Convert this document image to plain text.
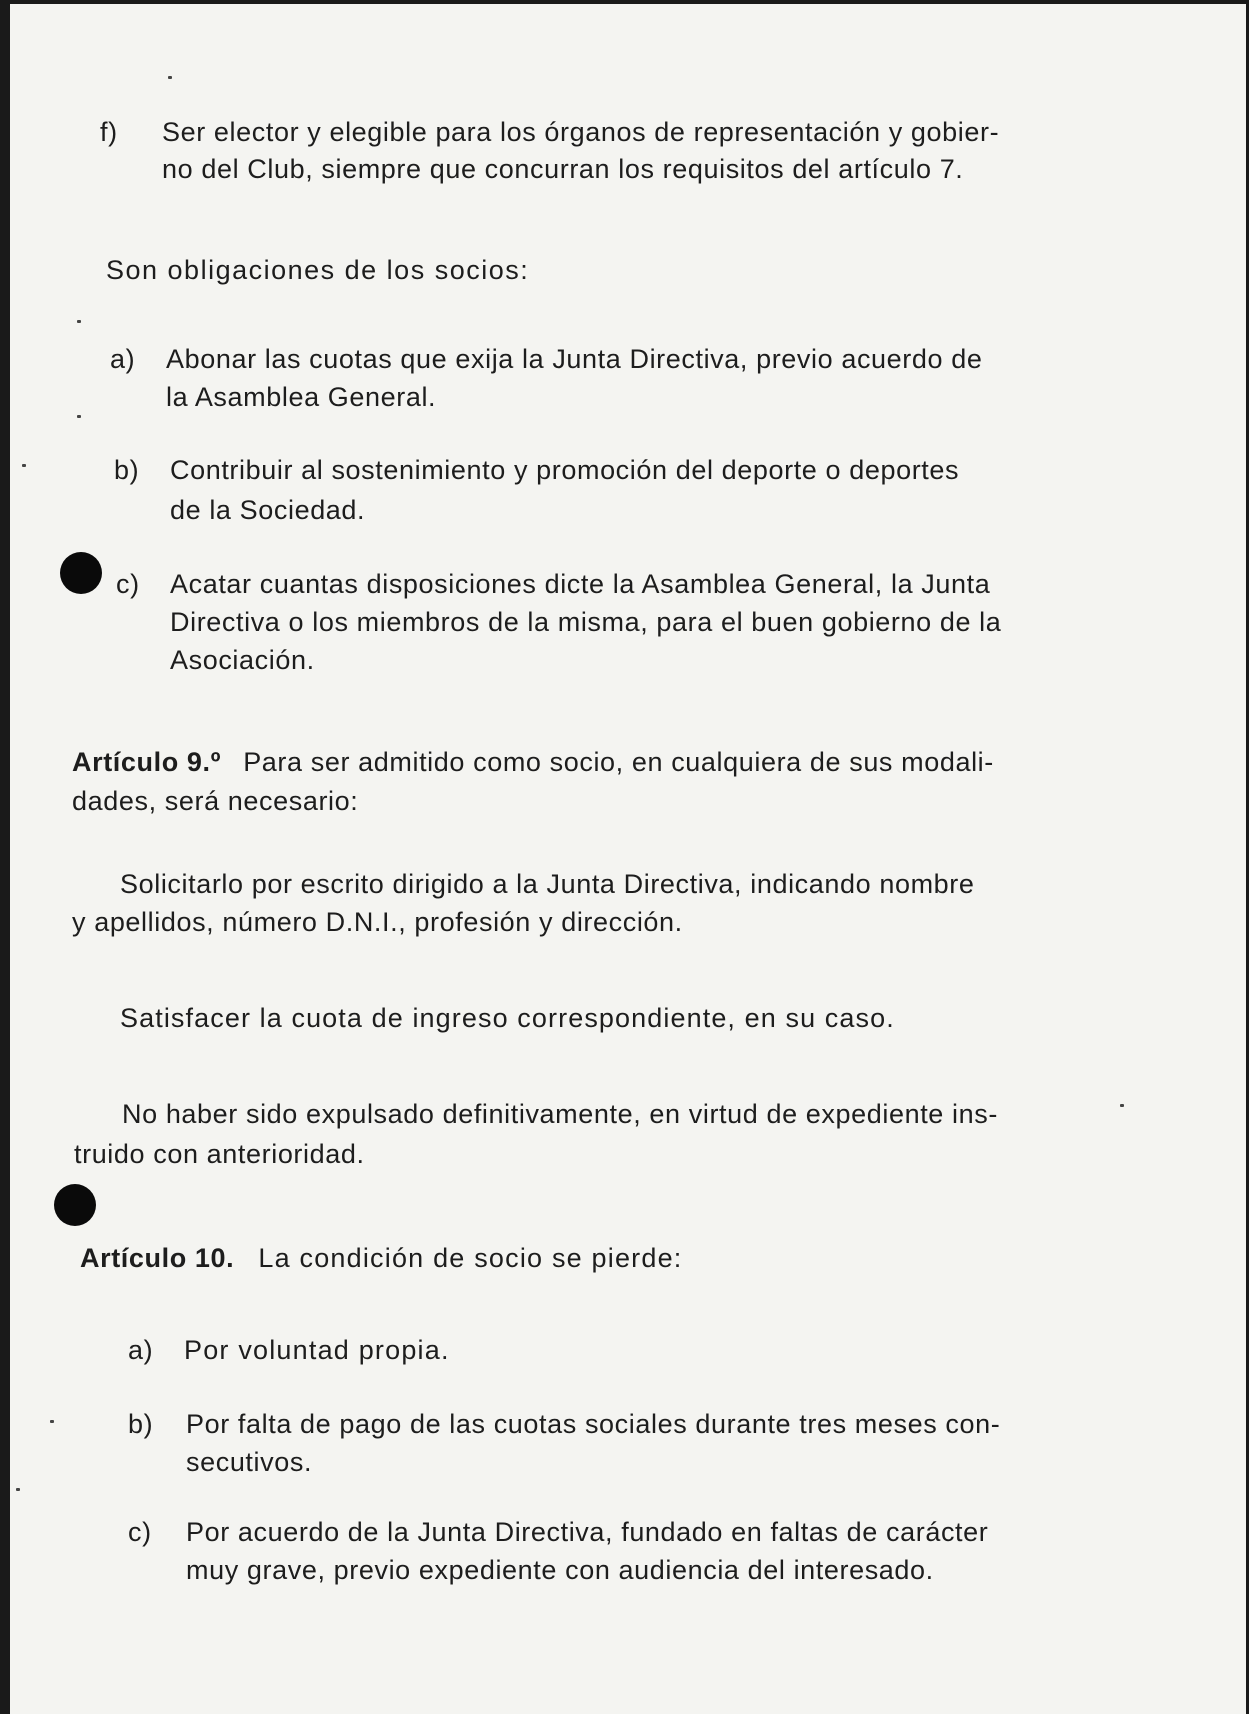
f) Ser elector y elegible para los órganos de representación y gobier-
no del Club, siempre que concurran los requisitos del artículo 7.
Son obligaciones de los socios:
a) Abonar las cuotas que exija la Junta Directiva, previo acuerdo de
la Asamblea General.
b) Contribuir al sostenimiento y promoción del deporte o deportes
de la Sociedad.
c) Acatar cuantas disposiciones dicte la Asamblea General, la Junta
Directiva o los miembros de la misma, para el buen gobierno de la
Asociación.
Artículo 9.º Para ser admitido como socio, en cualquiera de sus modali-
dades, será necesario:
Solicitarlo por escrito dirigido a la Junta Directiva, indicando nombre
y apellidos, número D.N.I., profesión y dirección.
Satisfacer la cuota de ingreso correspondiente, en su caso.
No haber sido expulsado definitivamente, en virtud de expediente ins-
truido con anterioridad.
Artículo 10. La condición de socio se pierde:
a) Por voluntad propia.
b) Por falta de pago de las cuotas sociales durante tres meses con-
secutivos.
c) Por acuerdo de la Junta Directiva, fundado en faltas de carácter
muy grave, previo expediente con audiencia del interesado.
